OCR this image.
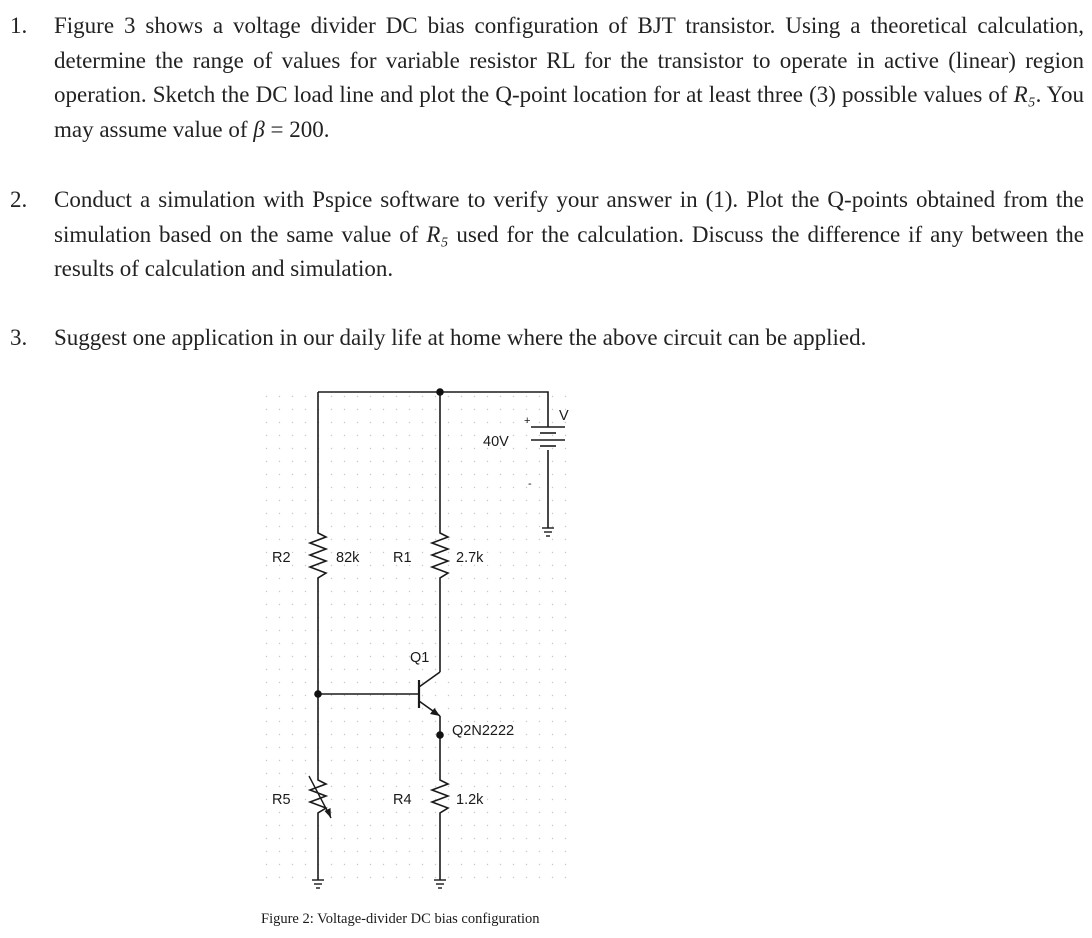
1. Figure 3 shows a voltage divider DC bias configuration of BJT transistor. Using a theoretical calculation, determine the range of values for variable resistor RL for the transistor to operate in active (linear) region operation. Sketch the DC load line and plot the Q-point location for at least three (3) possible values of R₅. You may assume value of β = 200.

2. Conduct a simulation with Pspice software to verify your answer in (1). Plot the Q-points obtained from the simulation based on the same value of R₅ used for the calculation. Discuss the difference if any between the results of calculation and simulation.

3. Suggest one application in our daily life at home where the above circuit can be applied.

R2	82k R1	2.7k
Q1
Q2N2222
R5	R4	1.2k
40V
V
+
-
Figure 2: Voltage-divider DC bias configuration
